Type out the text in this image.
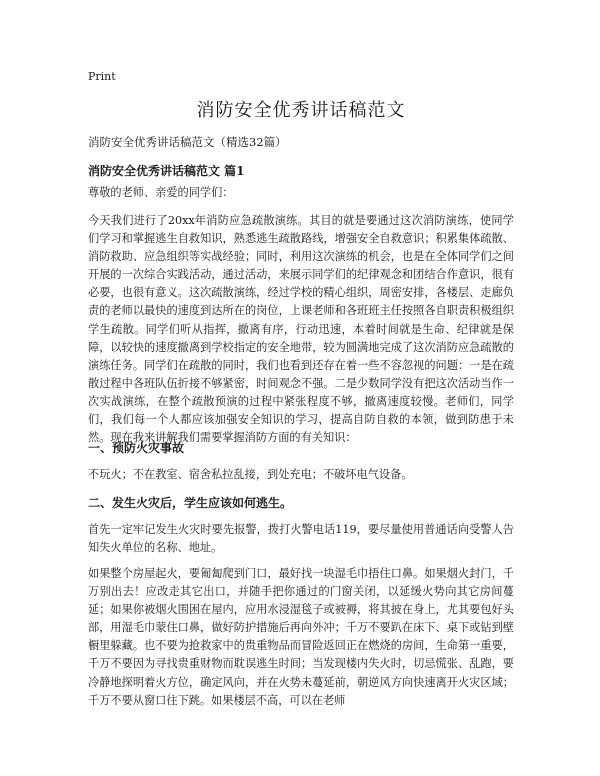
Print
消防安全优秀讲话稿范文

消防安全优秀讲话稿范文（精选32篇）

消防安全优秀讲话稿范文 篇1

尊敬的老师、亲爱的同学们：

今天我们进行了20xx年消防应急疏散演练。其目的就是要通过这次消防演练，使同学们学习和掌握逃生自救知识，熟悉逃生疏散路线，增强安全自救意识；积累集体疏散、消防救助、应急组织等实战经验；同时，利用这次演练的机会，也是在全体同学们之间开展的一次综合实践活动，通过活动，来展示同学们的纪律观念和团结合作意识，很有必要，也很有意义。这次疏散演练，经过学校的精心组织，周密安排，各楼层、走廊负责的老师以最快的速度到达所在的岗位，上课老师和各班班主任按照各自职责积极组织学生疏散。同学们听从指挥，撤离有序，行动迅速，本着时间就是生命、纪律就是保障，以较快的速度撤离到学校指定的安全地带，较为圆满地完成了这次消防应急疏散的演练任务。同学们在疏散的同时，我们也看到还存在着一些不容忽视的问题：一是在疏散过程中各班队伍折接不够紧密，时间观念不强。二是少数同学没有把这次活动当作一次实战演练，在整个疏散预演的过程中紧张程度不够，撤离速度较慢。老师们，同学们，我们每一个人都应该加强安全知识的学习，提高自防自救的本领，做到防患于未然。现在我来讲解我们需要掌握消防方面的有关知识：

一、预防火灾事故

不玩火；不在教室、宿舍私拉乱接，到处充电；不破坏电气设备。

二、发生火灾后，学生应该如何逃生。

首先一定牢记发生火灾时要先报警，拨打火警电话119，要尽量使用普通话向受警人告知失火单位的名称、地址。

如果整个房屋起火，要匍匐爬到门口，最好找一块湿毛巾捂住口鼻。如果烟火封门，千万别出去！应改走其它出口，并随手把你通过的门窗关闭，以延缓火势向其它房间蔓延；如果你被烟火围困在屋内，应用水浸湿毯子或被褥，将其披在身上，尤其要包好头部，用湿毛巾蒙住口鼻，做好防护措施后再向外冲；千万不要趴在床下、桌下或钻到壁橱里躲藏。也不要为抢救家中的贵重物品而冒险返回正在燃烧的房间，生命第一重要，千万不要因为寻找贵重财物而耽误逃生时间；当发现楼内失火时，切忌慌张、乱跑，要冷静地探明着火方位，确定风向，并在火势未蔓延前，朝逆风方向快速离开火灾区域；千万不要从窗口往下跳。如果楼层不高，可以在老师
